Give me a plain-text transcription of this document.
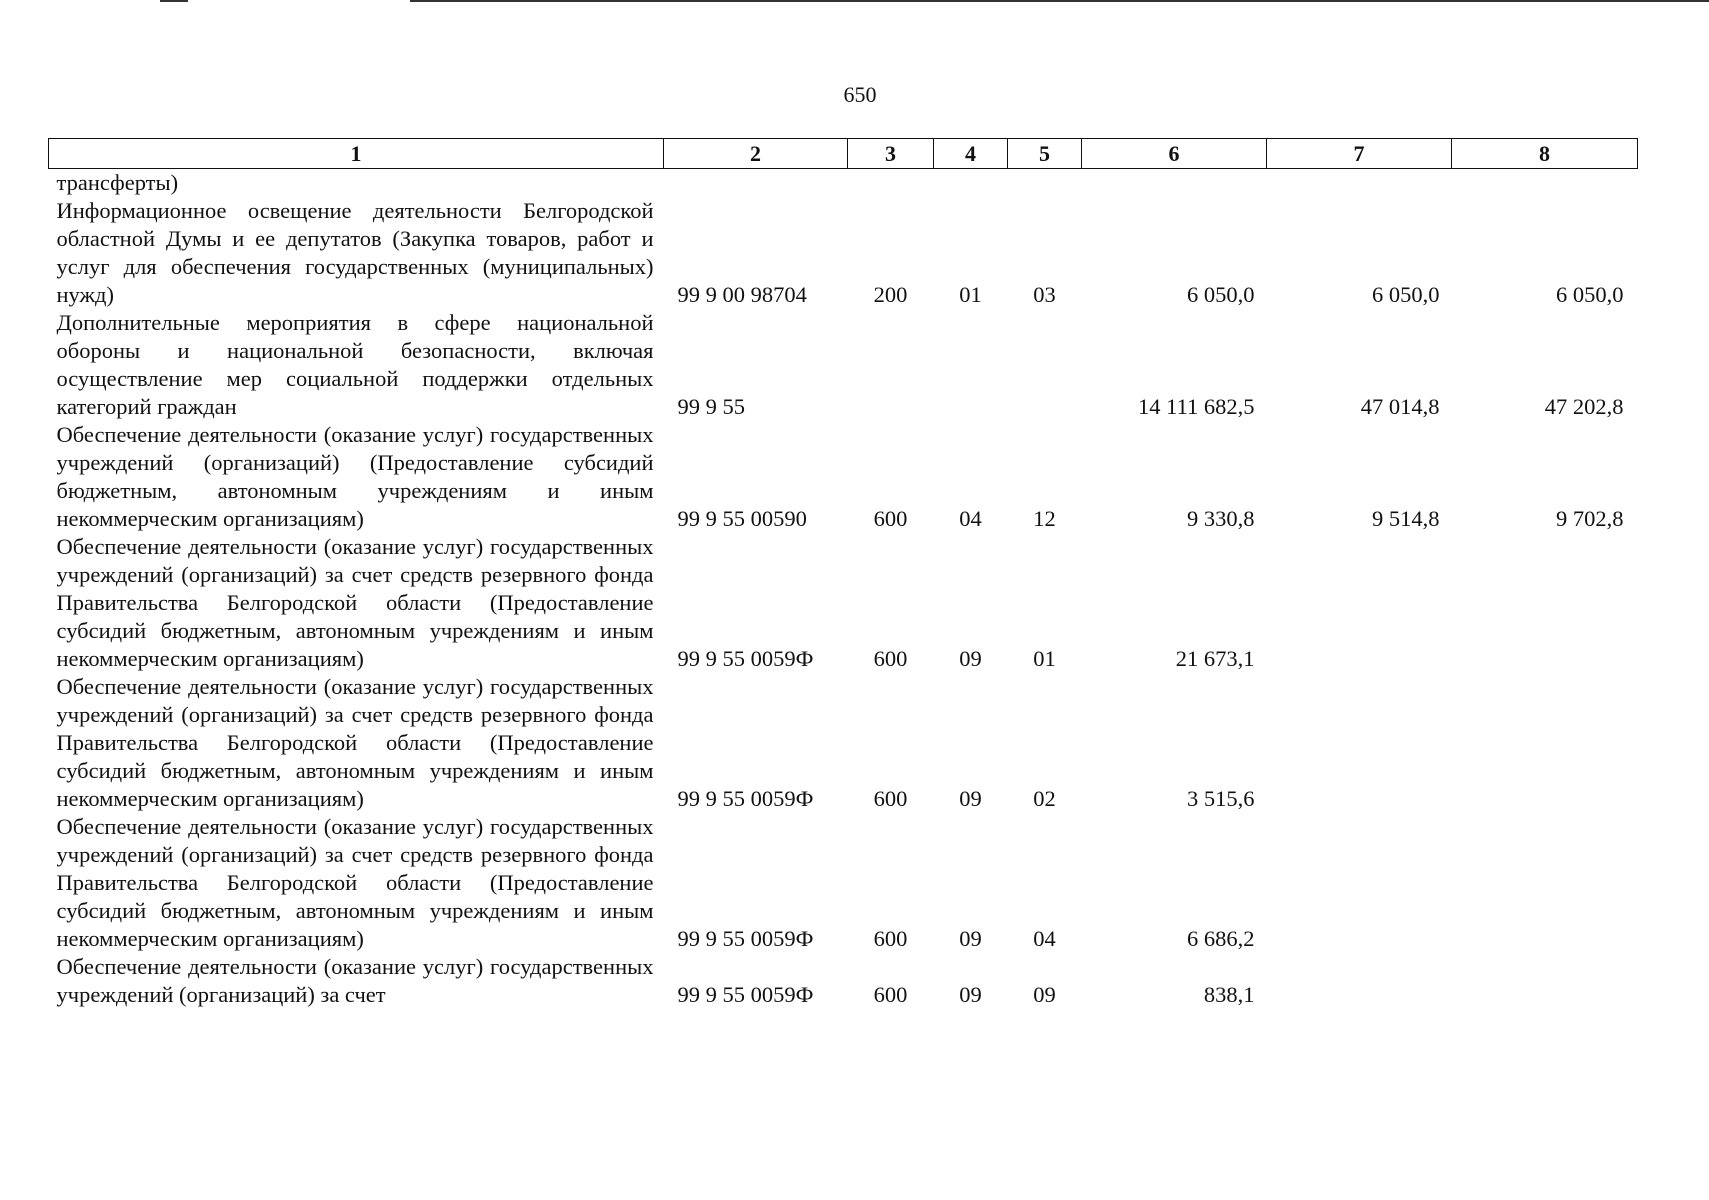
650
1	2	3	4	5	6	7	8
трансферты)							
Информационное освещение деятельности Белгородской областной Думы и ее депутатов (Закупка товаров, работ и услуг для обеспечения государственных (муниципальных) нужд)	99 9 00 98704	200	01	03	6 050,0	6 050,0	6 050,0
Дополнительные мероприятия в сфере национальной обороны и национальной безопасности, включая осуществление мер социальной поддержки отдельных категорий граждан	99 9 55				14 111 682,5	47 014,8	47 202,8
Обеспечение деятельности (оказание услуг) государственных учреждений (организаций) (Предоставление субсидий бюджетным, автономным учреждениям и иным некоммерческим организациям)	99 9 55 00590	600	04	12	9 330,8	9 514,8	9 702,8
Обеспечение деятельности (оказание услуг) государственных учреждений (организаций) за счет средств резервного фонда Правительства Белгородской области (Предоставление субсидий бюджетным, автономным учреждениям и иным некоммерческим организациям)	99 9 55 0059Ф	600	09	01	21 673,1		
Обеспечение деятельности (оказание услуг) государственных учреждений (организаций) за счет средств резервного фонда Правительства Белгородской области (Предоставление субсидий бюджетным, автономным учреждениям и иным некоммерческим организациям)	99 9 55 0059Ф	600	09	02	3 515,6		
Обеспечение деятельности (оказание услуг) государственных учреждений (организаций) за счет средств резервного фонда Правительства Белгородской области (Предоставление субсидий бюджетным, автономным учреждениям и иным некоммерческим организациям)	99 9 55 0059Ф	600	09	04	6 686,2		
Обеспечение деятельности (оказание услуг) государственных учреждений (организаций) за счет	99 9 55 0059Ф	600	09	09	838,1		
